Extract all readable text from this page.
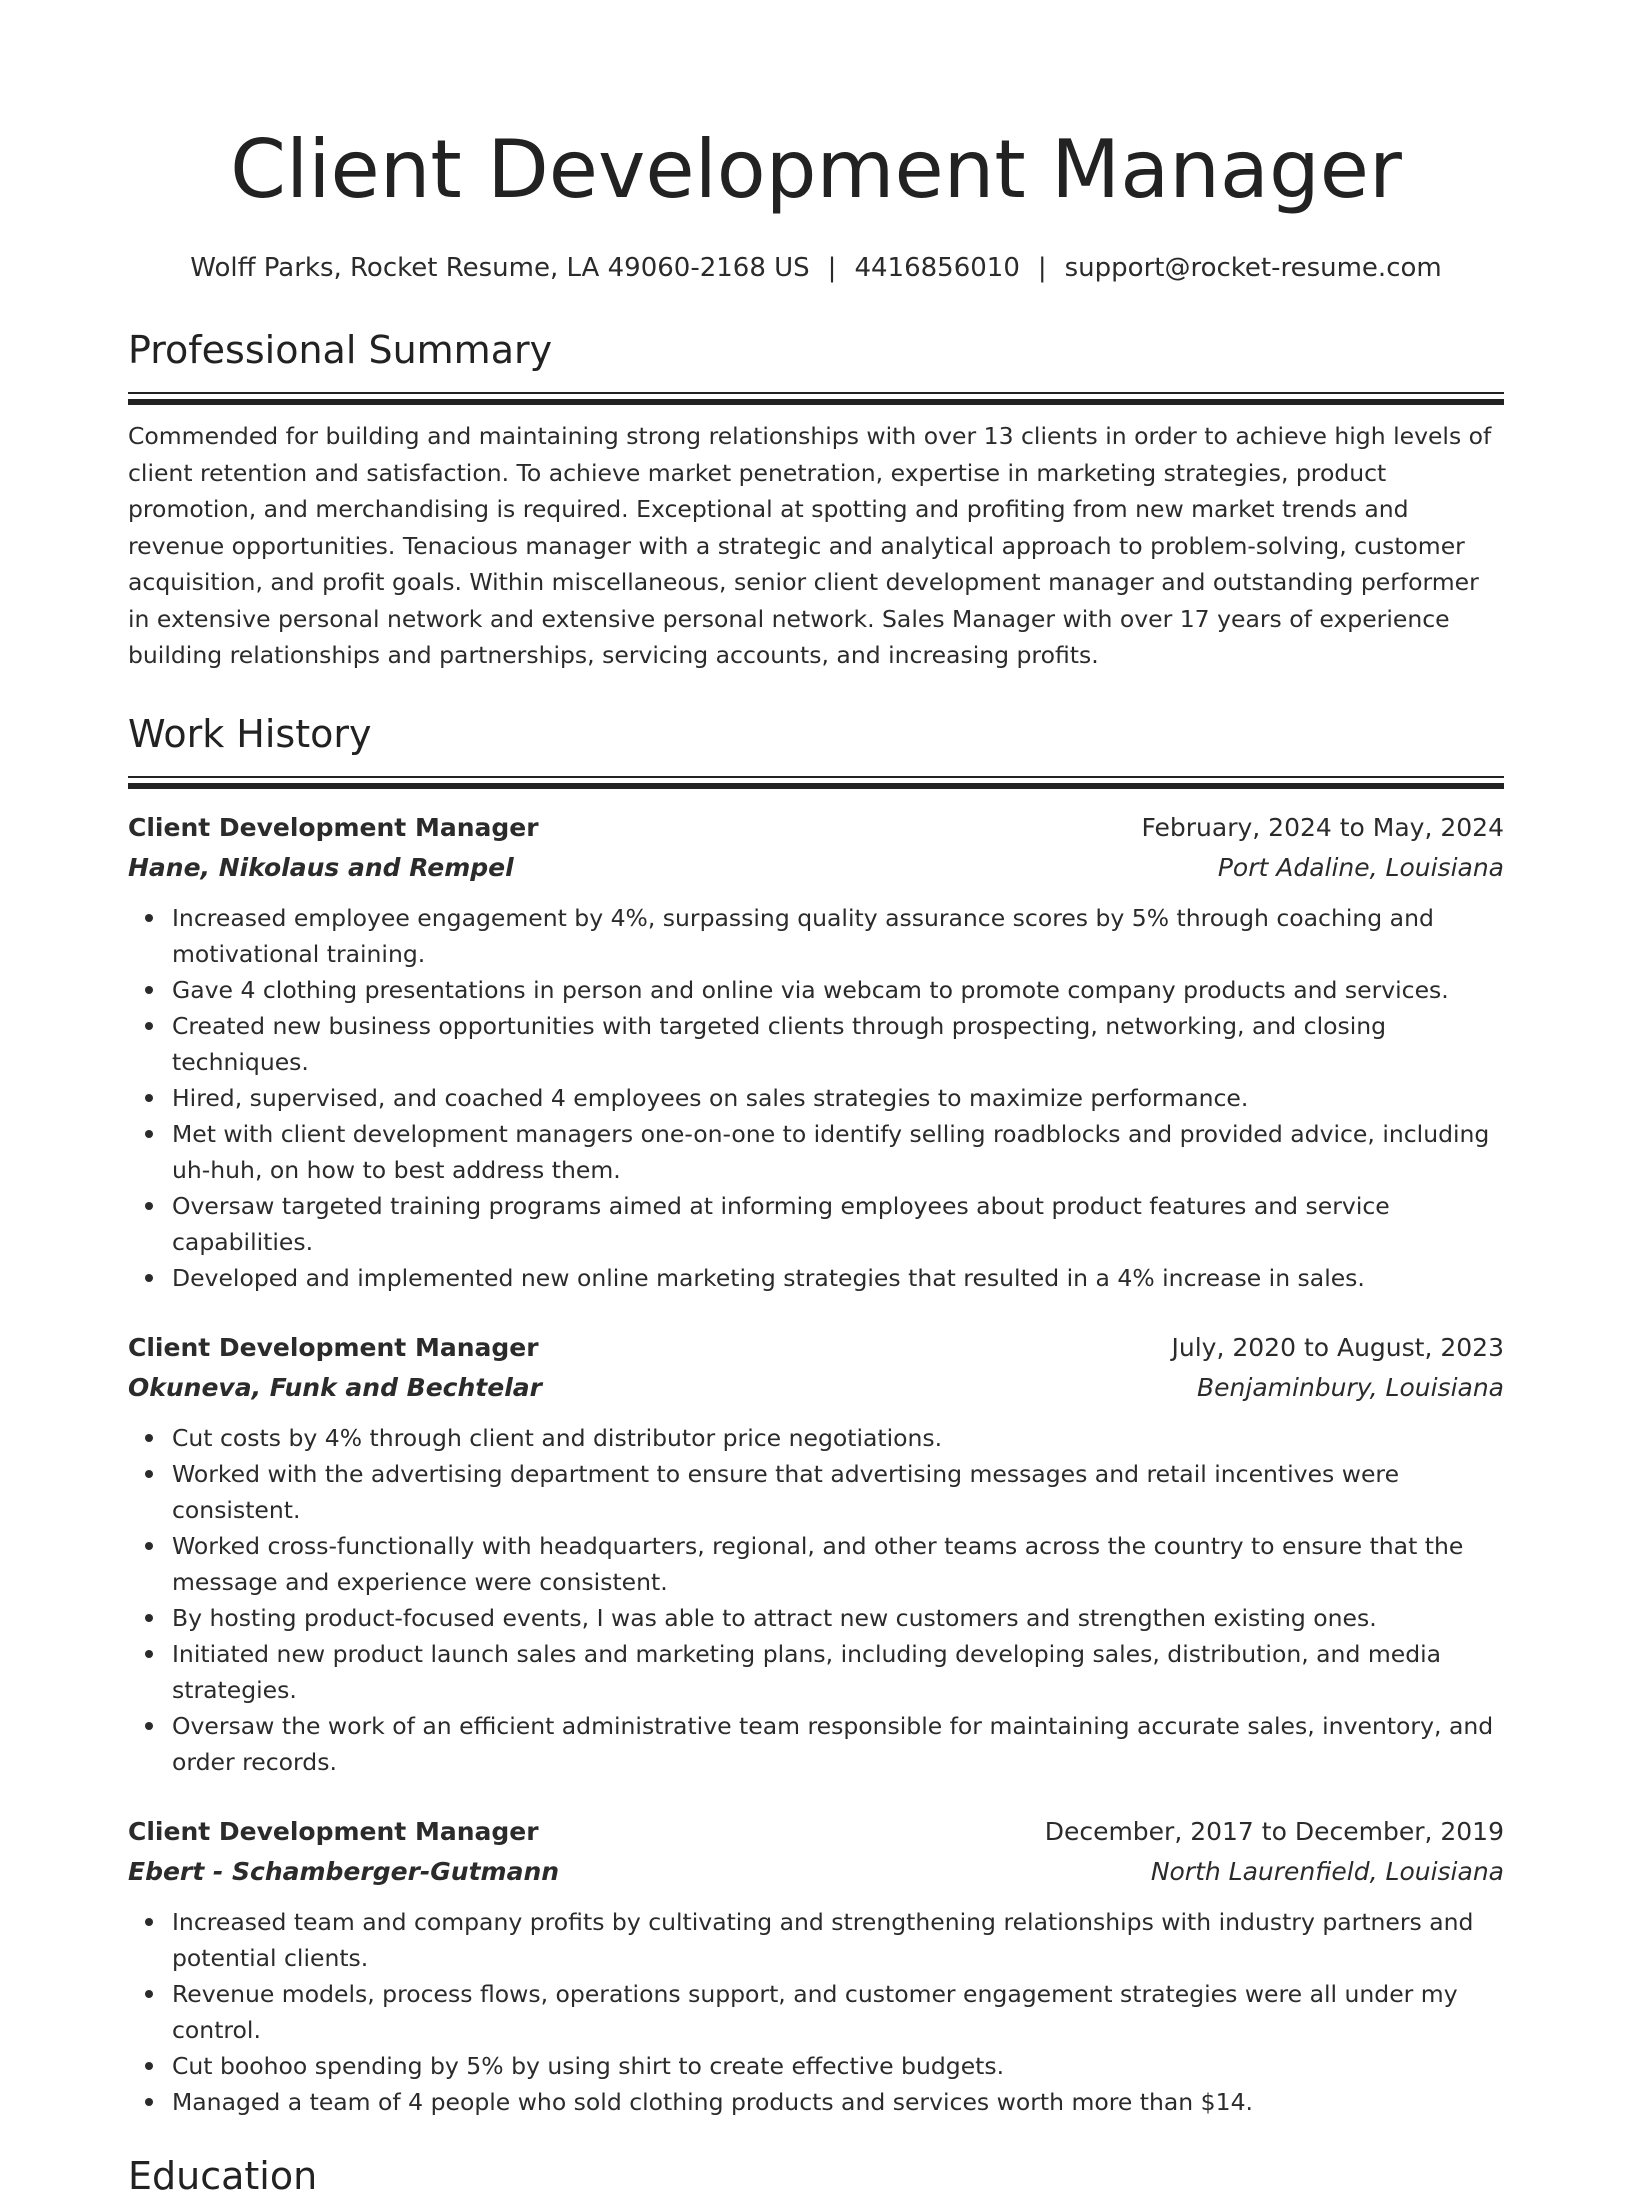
Client Development Manager
Wolff Parks, Rocket Resume, LA 49060-2168 US | 4416856010 | support@rocket-resume.com
Professional Summary
Commended for building and maintaining strong relationships with over 13 clients in order to achieve high levels of client retention and satisfaction. To achieve market penetration, expertise in marketing strategies, product promotion, and merchandising is required. Exceptional at spotting and profiting from new market trends and revenue opportunities. Tenacious manager with a strategic and analytical approach to problem-solving, customer acquisition, and profit goals. Within miscellaneous, senior client development manager and outstanding performer in extensive personal network and extensive personal network. Sales Manager with over 17 years of experience building relationships and partnerships, servicing accounts, and increasing profits.
Work History
Client Development Manager	February, 2024 to May, 2024
Hane, Nikolaus and Rempel	Port Adaline, Louisiana
Increased employee engagement by 4%, surpassing quality assurance scores by 5% through coaching and motivational training.
Gave 4 clothing presentations in person and online via webcam to promote company products and services.
Created new business opportunities with targeted clients through prospecting, networking, and closing techniques.
Hired, supervised, and coached 4 employees on sales strategies to maximize performance.
Met with client development managers one-on-one to identify selling roadblocks and provided advice, including uh-huh, on how to best address them.
Oversaw targeted training programs aimed at informing employees about product features and service capabilities.
Developed and implemented new online marketing strategies that resulted in a 4% increase in sales.
Client Development Manager	July, 2020 to August, 2023
Okuneva, Funk and Bechtelar	Benjaminbury, Louisiana
Cut costs by 4% through client and distributor price negotiations.
Worked with the advertising department to ensure that advertising messages and retail incentives were consistent.
Worked cross-functionally with headquarters, regional, and other teams across the country to ensure that the message and experience were consistent.
By hosting product-focused events, I was able to attract new customers and strengthen existing ones.
Initiated new product launch sales and marketing plans, including developing sales, distribution, and media strategies.
Oversaw the work of an efficient administrative team responsible for maintaining accurate sales, inventory, and order records.
Client Development Manager	December, 2017 to December, 2019
Ebert - Schamberger-Gutmann	North Laurenfield, Louisiana
Increased team and company profits by cultivating and strengthening relationships with industry partners and potential clients.
Revenue models, process flows, operations support, and customer engagement strategies were all under my control.
Cut boohoo spending by 5% by using shirt to create effective budgets.
Managed a team of 4 people who sold clothing products and services worth more than $14.
Education
